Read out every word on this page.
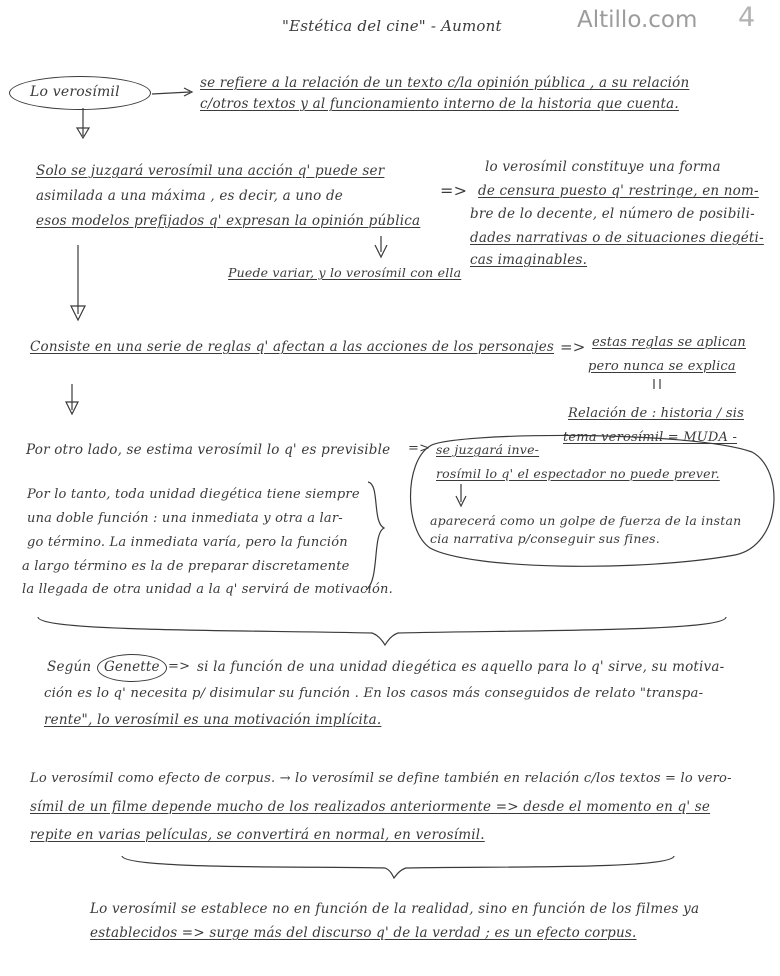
"Estética del cine" - Aumont	Altillo.com 4
Lo verosímil
se refiere a la relación de un texto c/la opinión pública , a su relación
c/otros textos y al funcionamiento interno de la historia que cuenta.
Solo se juzgará verosímil una acción q' puede ser
asimilada a una máxima , es decir, a uno de
esos modelos prefijados q' expresan la opinión pública
Puede variar, y lo verosímil con ella
=>
lo verosímil constituye una forma
de censura puesto q' restringe, en nom-
bre de lo decente, el número de posibili-
dades narrativas o de situaciones diegéti-
cas imaginables.
Consiste en una serie de reglas q' afectan a las acciones de los personajes => estas reglas se aplican
pero nunca se explica
Relación de : historia / sis
tema verosímil = MUDA -
Por otro lado, se estima verosímil lo q' es previsible => se juzgará inve-
rosímil lo q' el espectador no puede prever.
aparecerá como un golpe de fuerza de la instan
cia narrativa p/conseguir sus fines.
Por lo tanto, toda unidad diegética tiene siempre
una doble función : una inmediata y otra a lar-
go término. La inmediata varía, pero la función
a largo término es la de preparar discretamente
la llegada de otra unidad a la q' servirá de motivación.
Según Genette => si la función de una unidad diegética es aquello para lo q' sirve, su motiva-
ción es lo q' necesita p/ disimular su función . En los casos más conseguidos de relato "transpa-
rente", lo verosímil es una motivación implícita.
Lo verosímil como efecto de corpus. → lo verosímil se define también en relación c/los textos = lo vero-
símil de un filme depende mucho de los realizados anteriormente => desde el momento en q' se
repite en varias películas, se convertirá en normal, en verosímil.
Lo verosímil se establece no en función de la realidad, sino en función de los filmes ya
establecidos => surge más del discurso q' de la verdad ; es un efecto corpus.
